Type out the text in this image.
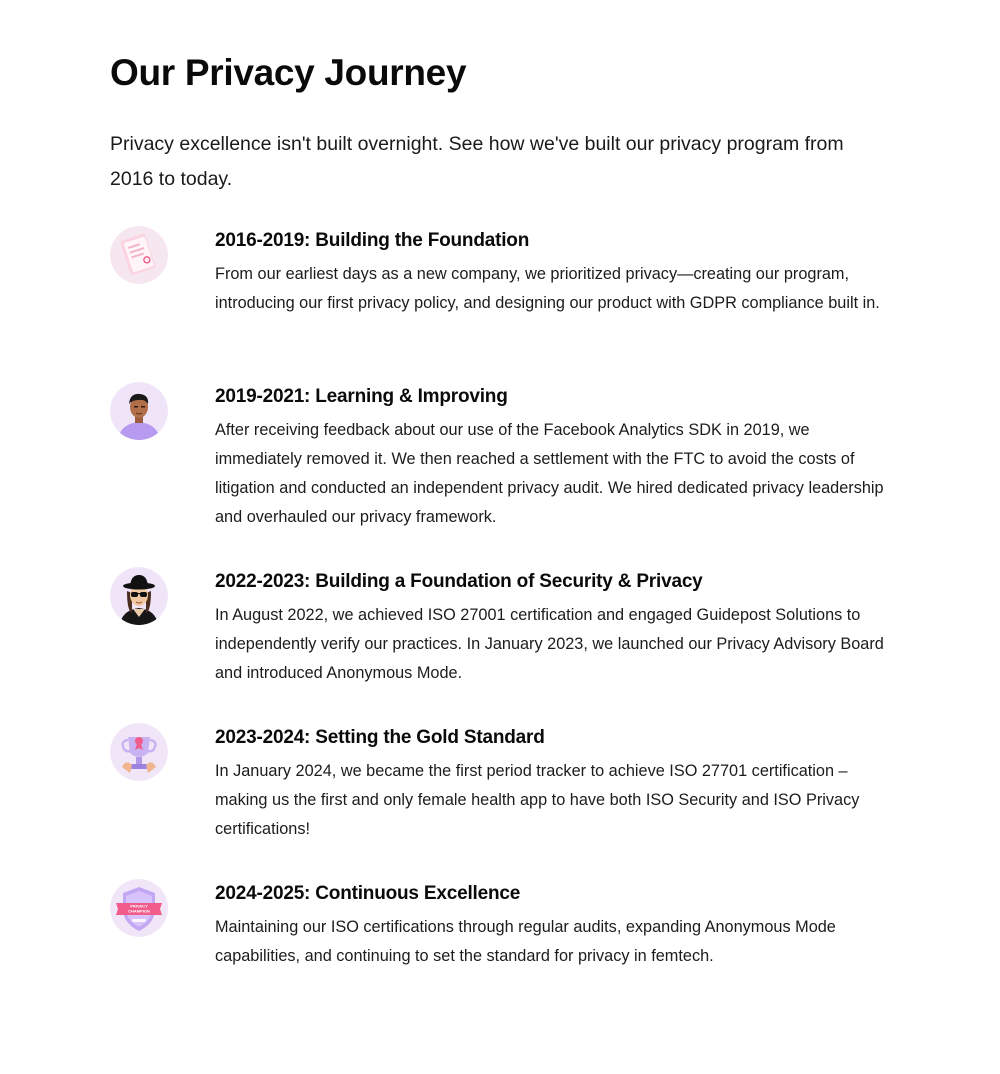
Our Privacy Journey

Privacy excellence isn't built overnight. See how we've built our privacy program from 2016 to today.

2016-2019: Building the Foundation

From our earliest days as a new company, we prioritized privacy—creating our program, introducing our first privacy policy, and designing our product with GDPR compliance built in.

2019-2021: Learning & Improving

After receiving feedback about our use of the Facebook Analytics SDK in 2019, we immediately removed it. We then reached a settlement with the FTC to avoid the costs of litigation and conducted an independent privacy audit. We hired dedicated privacy leadership and overhauled our privacy framework.

2022-2023: Building a Foundation of Security & Privacy

In August 2022, we achieved ISO 27001 certification and engaged Guidepost Solutions to independently verify our practices. In January 2023, we launched our Privacy Advisory Board and introduced Anonymous Mode.

2023-2024: Setting the Gold Standard

In January 2024, we became the first period tracker to achieve ISO 27701 certification – making us the first and only female health app to have both ISO Security and ISO Privacy certifications!

PRIVACY
CHAMPION
2024-2025: Continuous Excellence

Maintaining our ISO certifications through regular audits, expanding Anonymous Mode capabilities, and continuing to set the standard for privacy in femtech.
